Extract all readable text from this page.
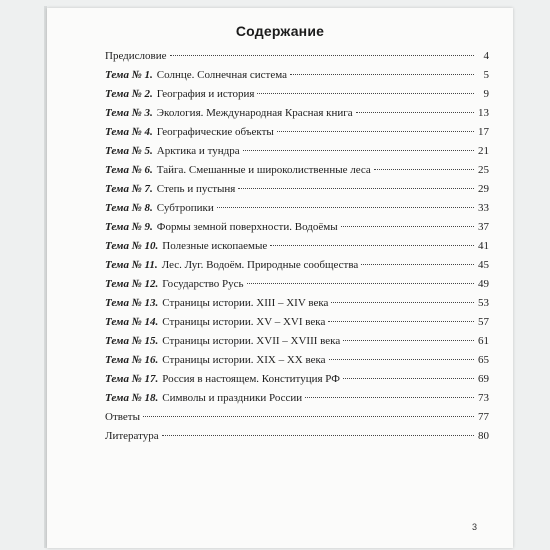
Содержание
Предисловие	4
Тема № 1. Солнце. Солнечная система	5
Тема № 2. География и история	9
Тема № 3. Экология. Международная Красная книга	13
Тема № 4. Географические объекты	17
Тема № 5. Арктика и тундра	21
Тема № 6. Тайга. Смешанные и широколиственные леса	25
Тема № 7. Степь и пустыня	29
Тема № 8. Субтропики	33
Тема № 9. Формы земной поверхности. Водоёмы	37
Тема № 10. Полезные ископаемые	41
Тема № 11. Лес. Луг. Водоём. Природные сообщества	45
Тема № 12. Государство Русь	49
Тема № 13. Страницы истории. XIII – XIV века	53
Тема № 14. Страницы истории. XV – XVI века	57
Тема № 15. Страницы истории. XVII – XVIII века	61
Тема № 16. Страницы истории. XIX – XX века	65
Тема № 17. Россия в настоящем. Конституция РФ	69
Тема № 18. Символы и праздники России	73
Ответы	77
Литература	80
3
